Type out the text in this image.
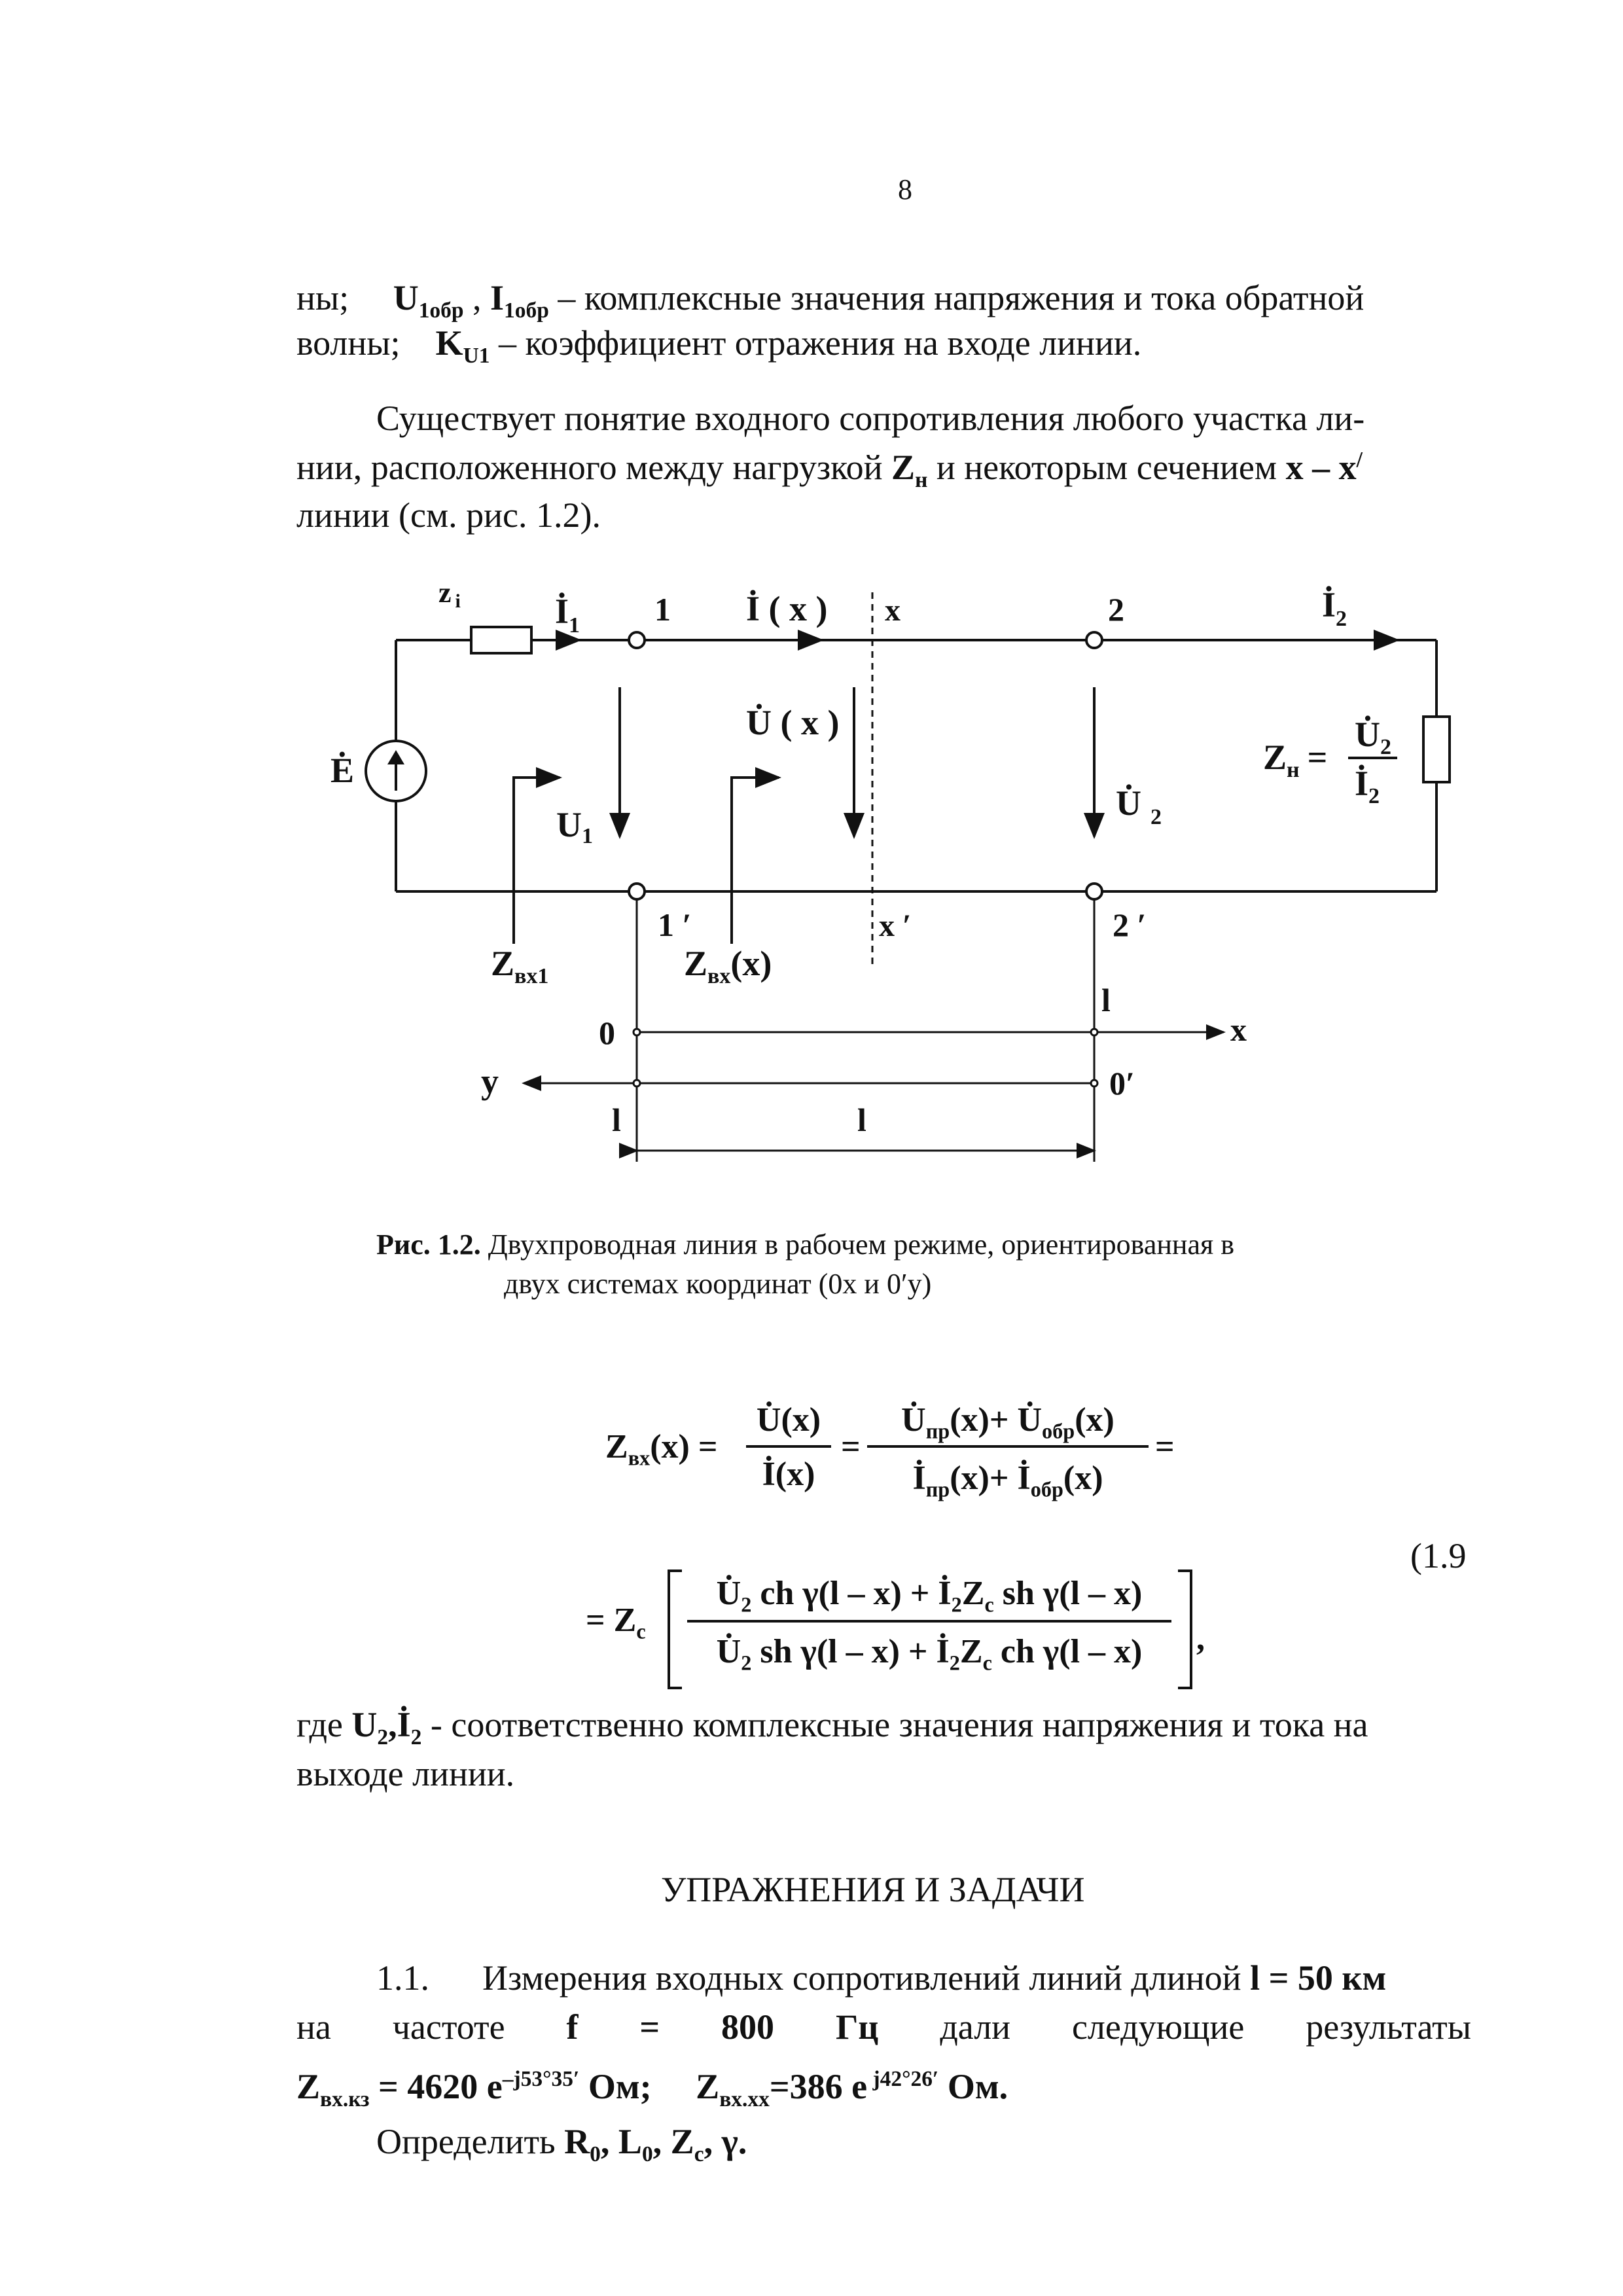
8
ны; $U_{1обр}$ , $I_{1обр}$ – комплексные значения напряжения и тока обратной
волны; $K_{U1}$ – коэффициент отражения на входе линии.
Существует понятие входного сопротивления любого участка ли-
нии, расположенного между нагрузкой $Z_н$ и некоторым сечением x – x/
линии (см. рис. 1.2).
z i	$İ_1$ 1 İ ( x ) x	2	$İ_2$
Ė
U̇ ( x )
U1
U̇ $_2$
$Z_н$ =
$U̇_2$
$İ_2$
1 ′	x ′	2 ′
$Z_{вх1}$	$Z_{вх}(x)$
0
l
x
y	0′
l	l
Рис. 1.2. Двухпроводная линия в рабочем режиме, ориентированная в
двух системах координат (0x и 0′y)
$Z_{вх}(x)$ =
U̇(x)
İ(x)
=
$U̇_{пр}(x)+$ $U̇_{обр}(x)$
$İ_{пр}(x)+$ $İ_{обр}(x)$
=
(1.9
= $Z_c$
$U̇_2$ ch $\gamma(l - x) + İ_2Z_c$ sh γ(l – x)
$U̇_2$ sh $\gamma(l - x) + İ_2Z_c$ ch γ(l – x)	,
где $U_2,İ_2$ - соответственно комплексные значения напряжения и тока на
выходе линии.
УПРАЖНЕНИЯ И ЗАДАЧИ
1.1. Измерения входных сопротивлений линий длиной l = 50 км
на частоте f = 800 Гц дали следующие результаты
$Z_{вх.кз} = 4620$ $e^{-j53^\circ 35'}$ Ом; $Z_{вх.хх}=386$ e $^{j42^\circ 26'}$ Ом.
Определить $R_0$, $L_0$, $Z_c$, γ.
